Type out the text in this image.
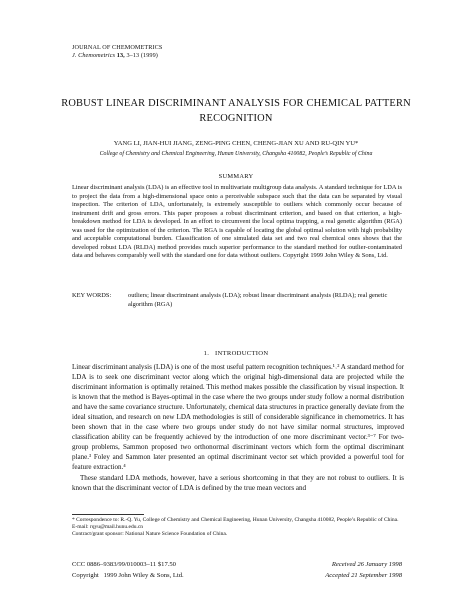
JOURNAL OF CHEMOMETRICS
J. Chemometrics 13, 3–13 (1999)
ROBUST LINEAR DISCRIMINANT ANALYSIS FOR CHEMICAL PATTERN RECOGNITION
YANG LI, JIAN-HUI JIANG, ZENG-PING CHEN, CHENG-JIAN XU AND RU-QIN YU*
College of Chemistry and Chemical Engineering, Hunan University, Changsha 410082, People’s Republic of China
SUMMARY
Linear discriminant analysis (LDA) is an effective tool in multivariate multigroup data analysis. A standard technique for LDA is to project the data from a high-dimensional space onto a perceivable subspace such that the data can be separated by visual inspection. The criterion of LDA, unfortunately, is extremely susceptible to outliers which commonly occur because of instrument drift and gross errors. This paper proposes a robust discriminant criterion, and based on that criterion, a high-breakdown method for LDA is developed. In an effort to circumvent the local optima trapping, a real genetic algorithm (RGA) was used for the optimization of the criterion. The RGA is capable of locating the global optimal solution with high probability and acceptable computational burden. Classification of one simulated data set and two real chemical ones shows that the developed robust LDA (RLDA) method provides much superior performance to the standard method for outlier-contaminated data and behaves comparably well with the standard one for data without outliers. Copyright 1999 John Wiley & Sons, Ltd.
KEY WORDS:	outliers; linear discriminant analysis (LDA); robust linear discriminant analysis (RLDA); real genetic algorithm (RGA)
1.   INTRODUCTION

Linear discriminant analysis (LDA) is one of the most useful pattern recognition techniques.¹˒² A standard method for LDA is to seek one discriminant vector along which the original high-dimensional data are projected while the discriminant information is optimally retained. This method makes possible the classification by visual inspection. It is known that the method is Bayes-optimal in the case where the two groups under study follow a normal distribution and have the same covariance structure. Unfortunately, chemical data structures in practice generally deviate from the ideal situation, and research on new LDA methodologies is still of considerable significance in chemometrics. It has been shown that in the case where two groups under study do not have similar normal structures, improved classification ability can be frequently achieved by the introduction of one more discriminant vector.³⁻⁷ For two-group problems, Sammon proposed two orthonormal discriminant vectors which form the optimal discriminant plane.³ Foley and Sammon later presented an optimal discriminant vector set which provided a powerful tool for feature extraction.⁴

These standard LDA methods, however, have a serious shortcoming in that they are not robust to outliers. It is known that the discriminant vector of LDA is defined by the true mean vectors and

* Correspondence to: R.-Q. Yu, College of Chemistry and Chemical Engineering, Hunan University, Changsha 410082, People’s Republic of China. E-mail: rqyu@mail.hunu.edu.cn
Contract/grant sponsor: National Nature Science Foundation of China.
CCC 0886–9383/99/010003–11 $17.50
Copyright   1999 John Wiley & Sons, Ltd.
Received 26 January 1998
Accepted 21 September 1998
